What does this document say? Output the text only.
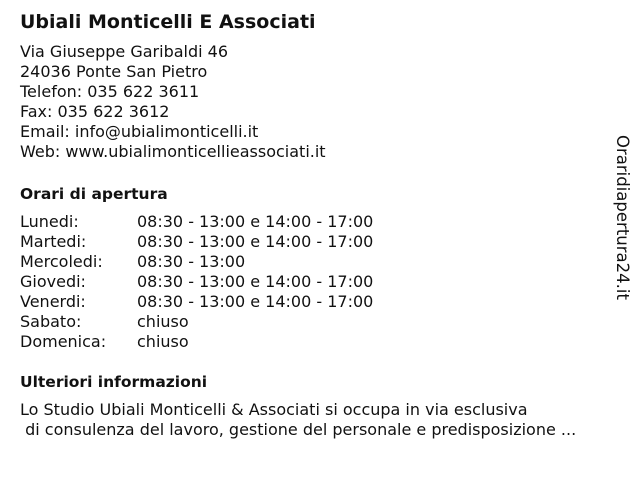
Ubiali Monticelli E Associati
Via Giuseppe Garibaldi 46
24036 Ponte San Pietro
Telefon: 035 622 3611
Fax: 035 622 3612
Email: info@ubialimonticelli.it
Web: www.ubialimonticellieassociati.it
Orari di apertura
Lunedi:	08:30 - 13:00 e 14:00 - 17:00
Martedi:	08:30 - 13:00 e 14:00 - 17:00
Mercoledi:	08:30 - 13:00
Giovedi:	08:30 - 13:00 e 14:00 - 17:00
Venerdi:	08:30 - 13:00 e 14:00 - 17:00
Sabato:	chiuso
Domenica:	chiuso
Ulteriori informazioni
Lo Studio Ubiali Monticelli & Associati si occupa in via esclusiva
di consulenza del lavoro, gestione del personale e predisposizione ...
Oraridiapertura24.it
